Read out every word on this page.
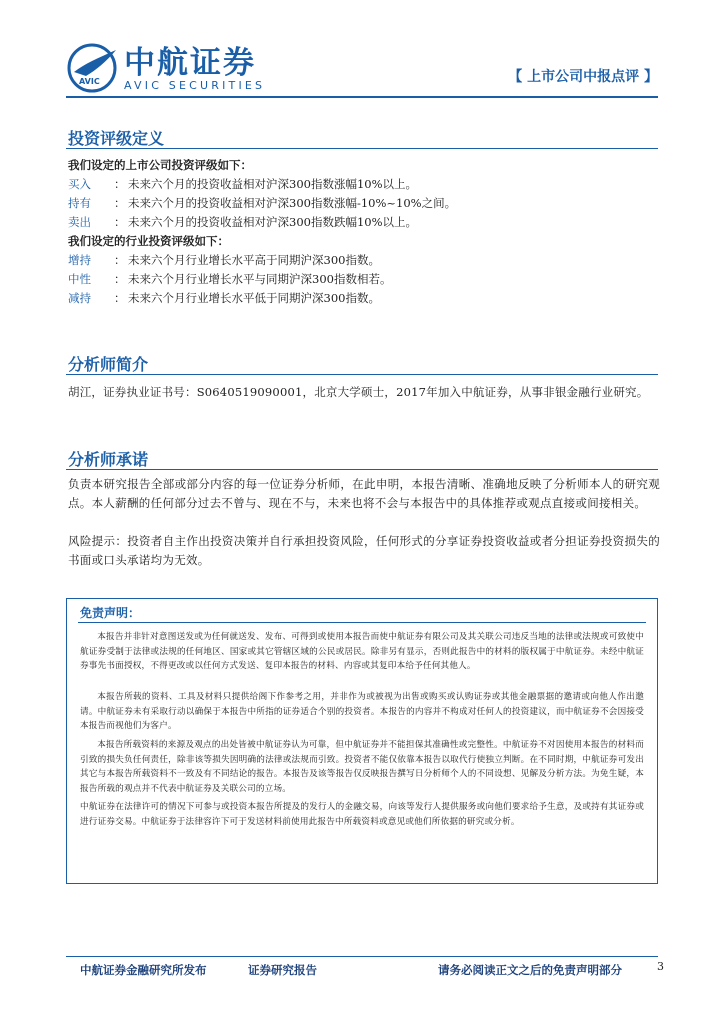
AVIC
中航证券
AVIC SECURITIES
【 上市公司中报点评 】
投资评级定义
我们设定的上市公司投资评级如下：
买入 ： 未来六个月的投资收益相对沪深300指数涨幅10%以上。
持有 ： 未来六个月的投资收益相对沪深300指数涨幅-10%~10%之间。
卖出 ： 未来六个月的投资收益相对沪深300指数跌幅10%以上。
我们设定的行业投资评级如下：
增持 ： 未来六个月行业增长水平高于同期沪深300指数。
中性 ： 未来六个月行业增长水平与同期沪深300指数相若。
减持 ： 未来六个月行业增长水平低于同期沪深300指数。
分析师简介
胡江，证券执业证书号：S0640519090001，北京大学硕士，2017年加入中航证券，从事非银金融行业研究。
分析师承诺
负责本研究报告全部或部分内容的每一位证券分析师，在此申明，本报告清晰、准确地反映了分析师本人的研究观点。本人薪酬的任何部分过去不曾与、现在不与，未来也将不会与本报告中的具体推荐或观点直接或间接相关。
风险提示：投资者自主作出投资决策并自行承担投资风险，任何形式的分享证券投资收益或者分担证券投资损失的书面或口头承诺均为无效。
免责声明：
本报告并非针对意图送发或为任何就送发、发布、可得到或使用本报告而使中航证券有限公司及其关联公司违反当地的法律或法规或可致使中航证券受制于法律或法规的任何地区、国家或其它管辖区域的公民或居民。除非另有显示，否则此报告中的材料的版权属于中航证券。未经中航证券事先书面授权，不得更改或以任何方式发送、复印本报告的材料、内容或其复印本给予任何其他人。
本报告所载的资料、工具及材料只提供给阁下作参考之用，并非作为或被视为出售或购买或认购证券或其他金融票据的邀请或向他人作出邀请。中航证券未有采取行动以确保于本报告中所指的证券适合个别的投资者。本报告的内容并不构成对任何人的投资建议，而中航证券不会因接受本报告而视他们为客户。
本报告所载资料的来源及观点的出处皆被中航证券认为可靠，但中航证券并不能担保其准确性或完整性。中航证券不对因使用本报告的材料而引致的损失负任何责任，除非该等损失因明确的法律或法规而引致。投资者不能仅依靠本报告以取代行使独立判断。在不同时期，中航证券可发出其它与本报告所载资料不一致及有不同结论的报告。本报告及该等报告仅反映报告撰写日分析师个人的不同设想、见解及分析方法。为免生疑，本报告所载的观点并不代表中航证券及关联公司的立场。
中航证券在法律许可的情况下可参与或投资本报告所提及的发行人的金融交易，向该等发行人提供服务或向他们要求给予生意，及或持有其证券或进行证券交易。中航证券于法律容许下可于发送材料前使用此报告中所载资料或意见或他们所依据的研究或分析。
中航证券金融研究所发布	证券研究报告	请务必阅读正文之后的免责声明部分	3
